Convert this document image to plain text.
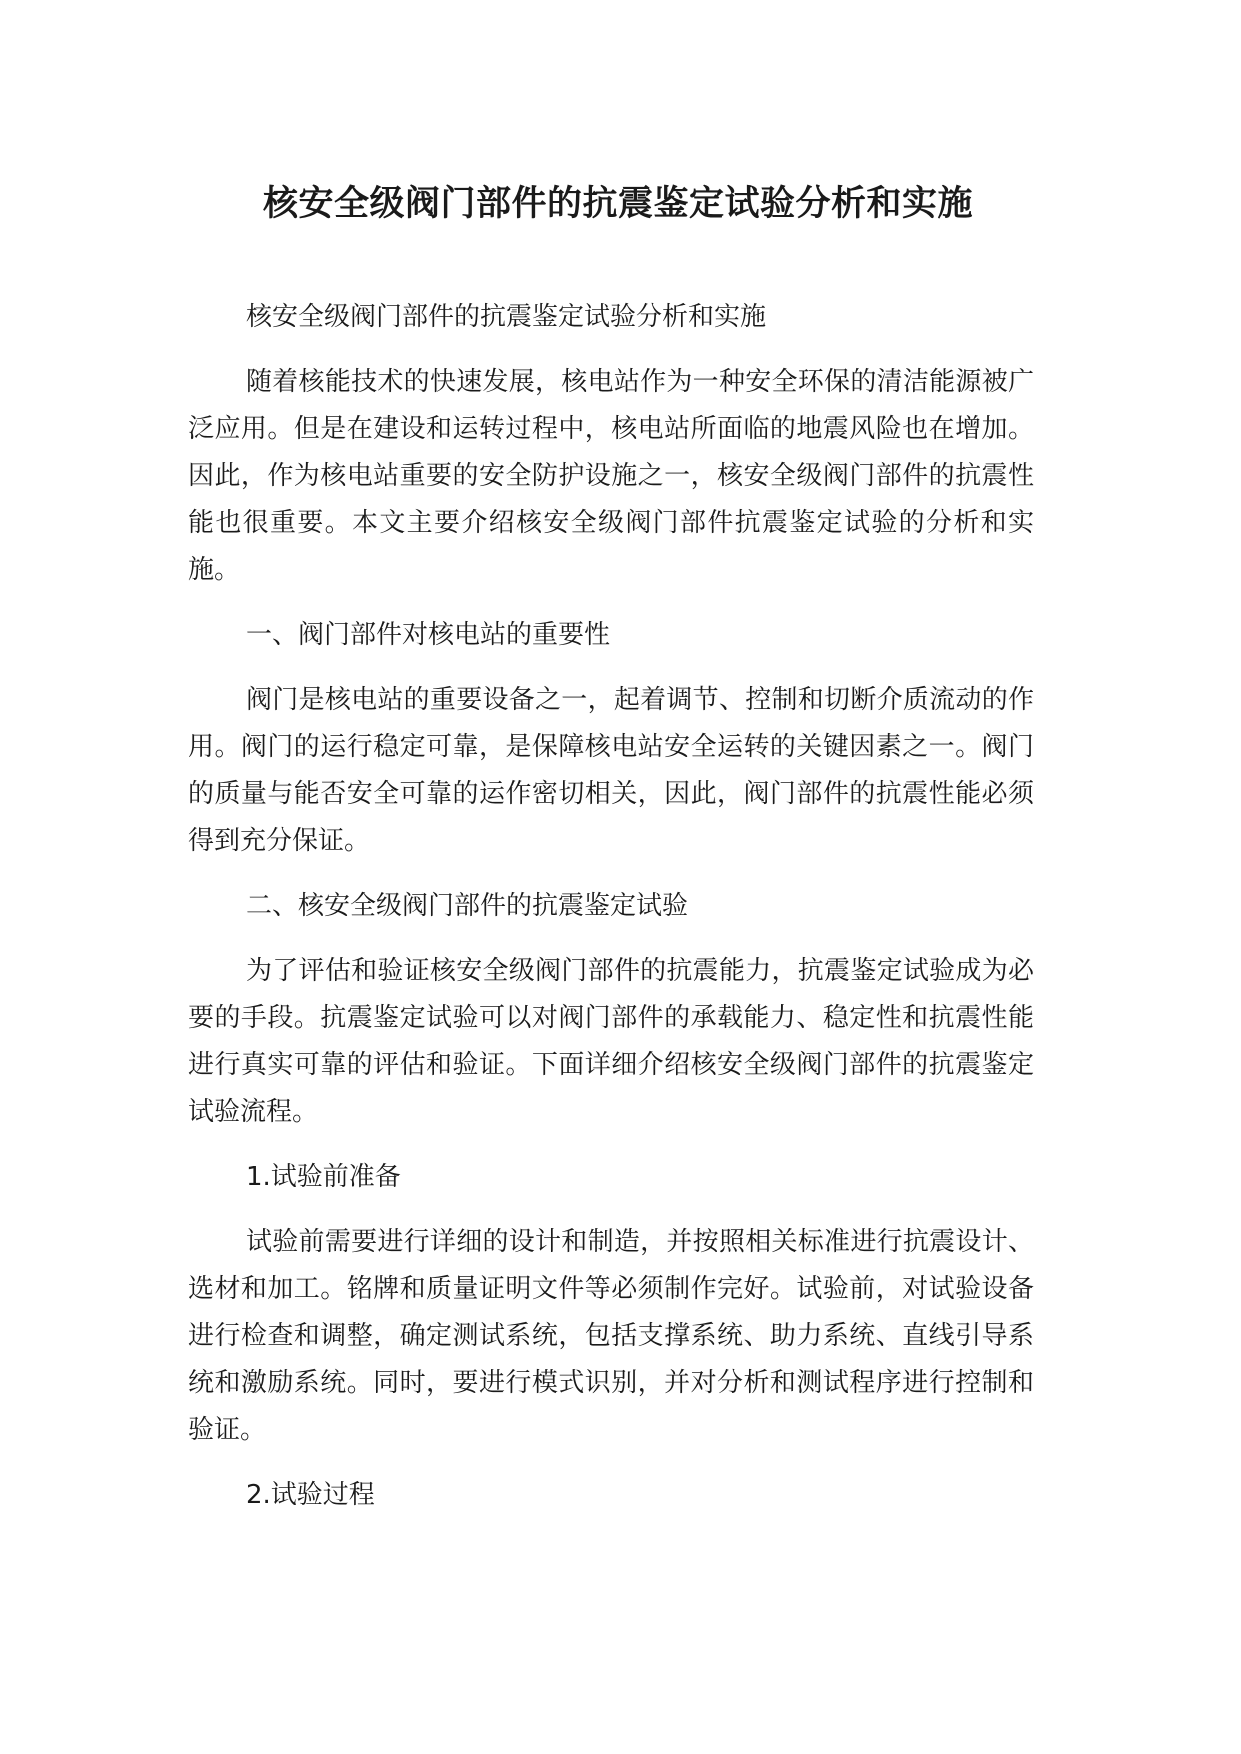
核安全级阀门部件的抗震鉴定试验分析和实施

核安全级阀门部件的抗震鉴定试验分析和实施

随着核能技术的快速发展，核电站作为一种安全环保的清洁能源被广泛应用。但是在建设和运转过程中，核电站所面临的地震风险也在增加。因此，作为核电站重要的安全防护设施之一，核安全级阀门部件的抗震性能也很重要。本文主要介绍核安全级阀门部件抗震鉴定试验的分析和实施。

一、阀门部件对核电站的重要性

阀门是核电站的重要设备之一，起着调节、控制和切断介质流动的作用。阀门的运行稳定可靠，是保障核电站安全运转的关键因素之一。阀门的质量与能否安全可靠的运作密切相关，因此，阀门部件的抗震性能必须得到充分保证。

二、核安全级阀门部件的抗震鉴定试验

为了评估和验证核安全级阀门部件的抗震能力，抗震鉴定试验成为必要的手段。抗震鉴定试验可以对阀门部件的承载能力、稳定性和抗震性能进行真实可靠的评估和验证。下面详细介绍核安全级阀门部件的抗震鉴定试验流程。

1.试验前准备

试验前需要进行详细的设计和制造，并按照相关标准进行抗震设计、选材和加工。铭牌和质量证明文件等必须制作完好。试验前，对试验设备进行检查和调整，确定测试系统，包括支撑系统、助力系统、直线引导系统和激励系统。同时，要进行模式识别，并对分析和测试程序进行控制和验证。

2.试验过程
